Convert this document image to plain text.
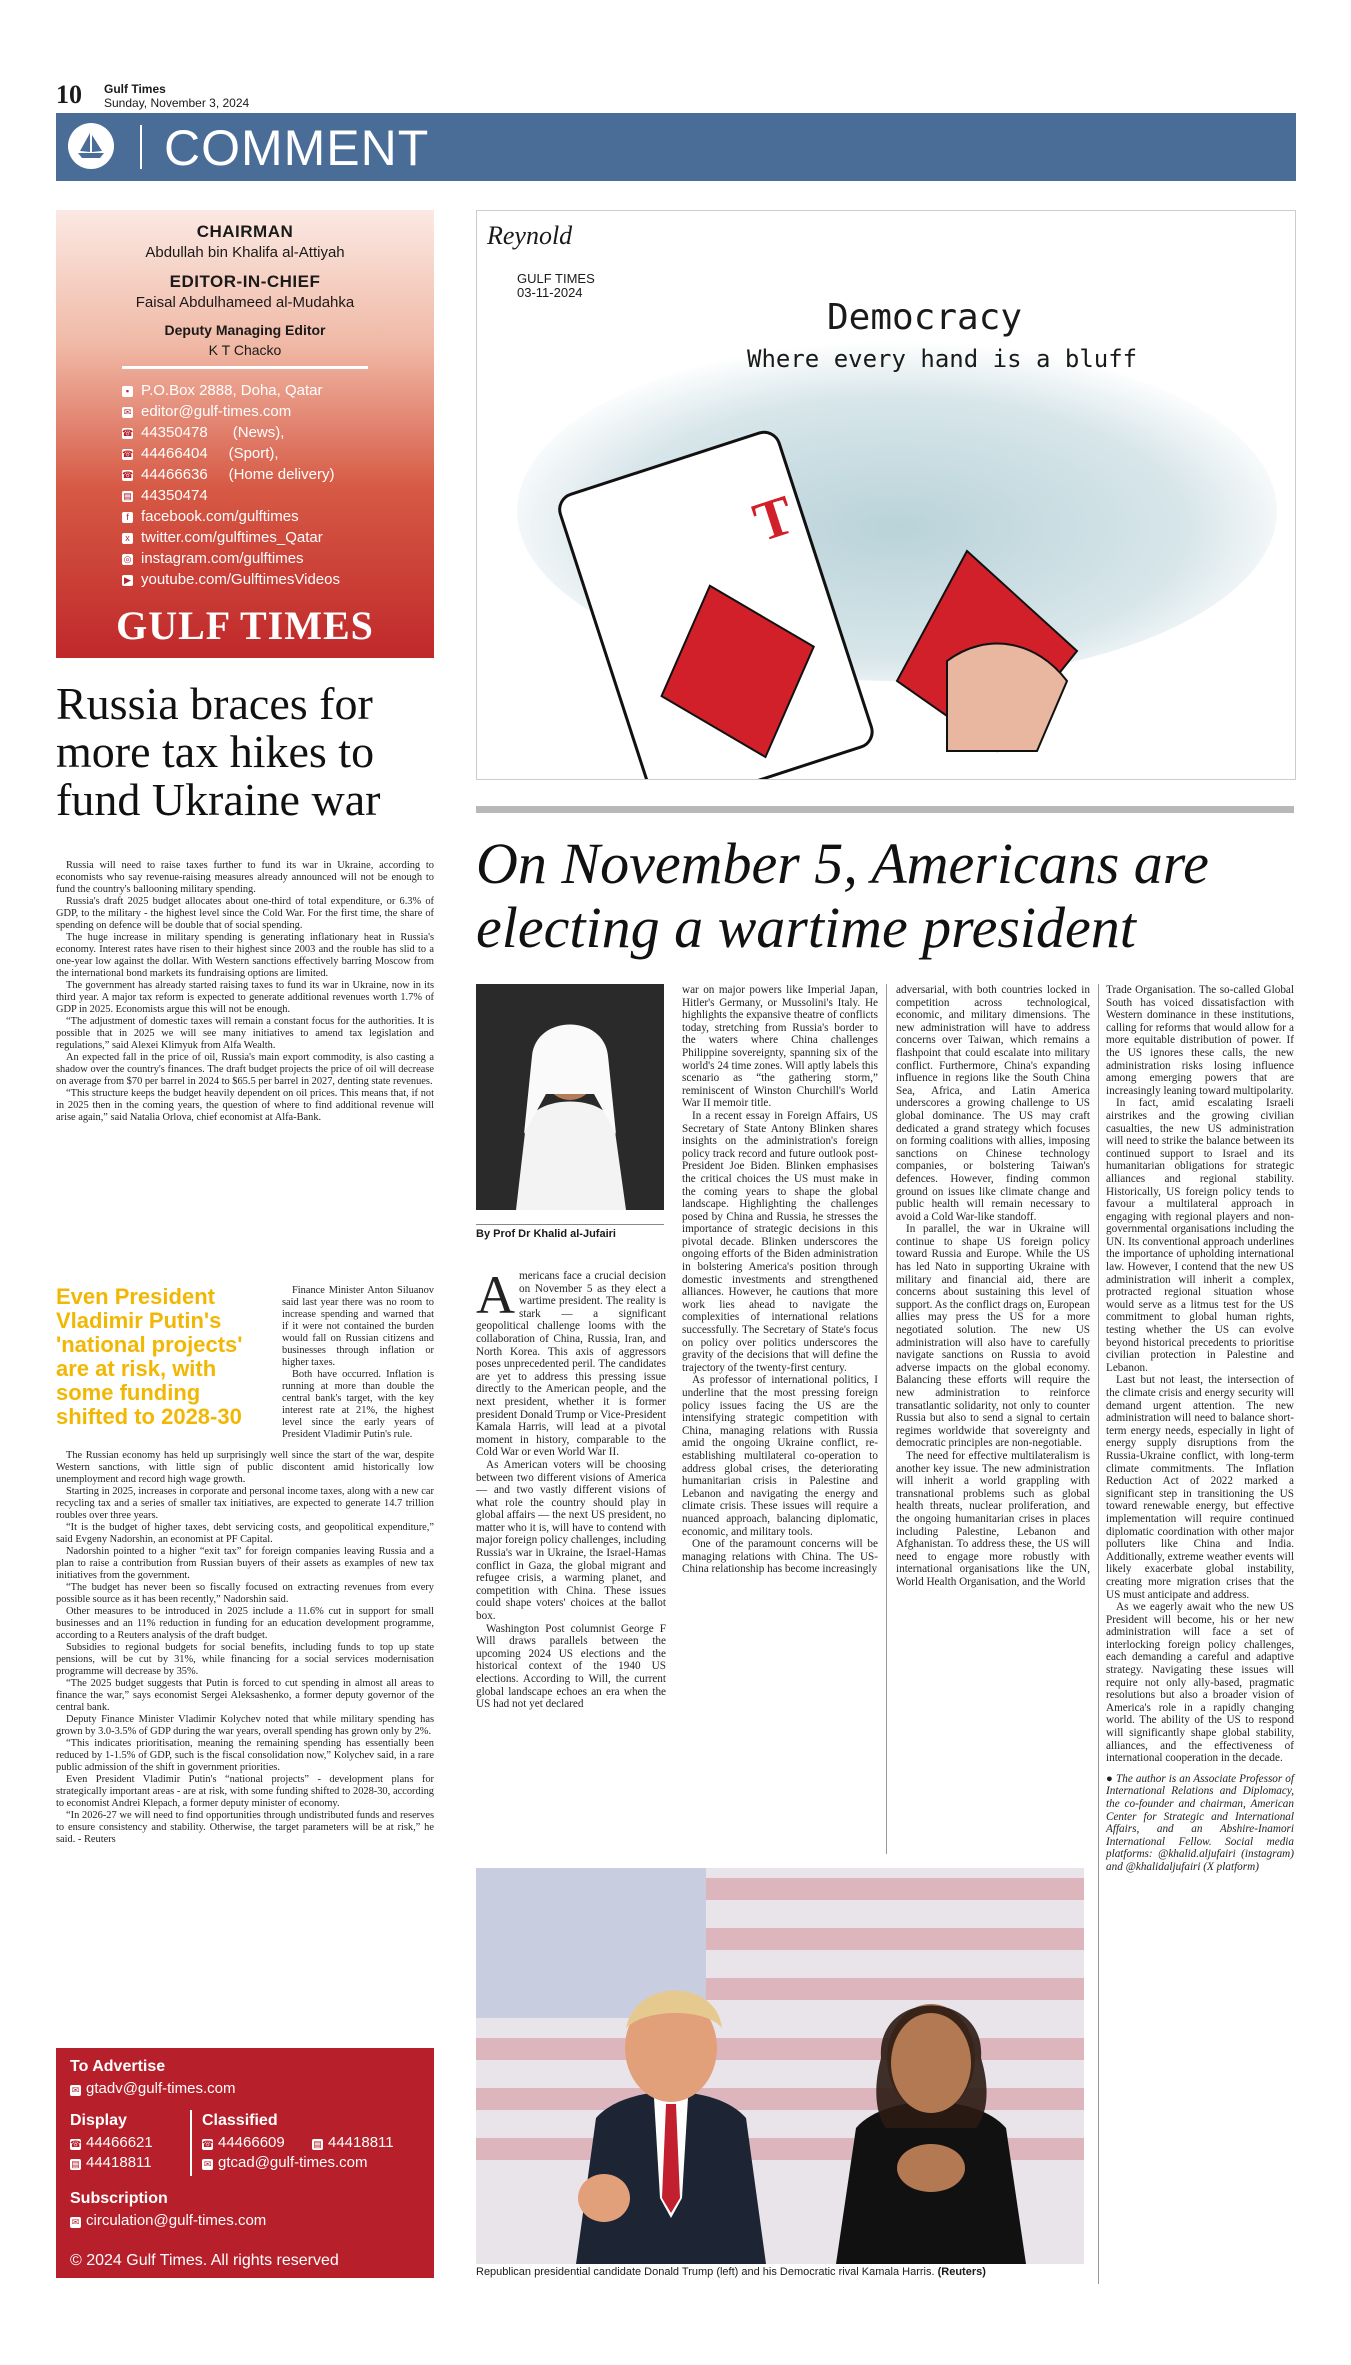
10 Gulf Times
Sunday, November 3, 2024
COMMENT
CHAIRMAN
Abdullah bin Khalifa al-Attiyah
EDITOR-IN-CHIEF
Faisal Abdulhameed al-Mudahka
Deputy Managing Editor
K T Chacko
▪ P.O.Box 2888, Doha, Qatar
✉ editor@gulf-times.com
☎ 44350478      (News),
☎ 44466404     (Sport),
☎ 44466636     (Home delivery)
▤ 44350474
f facebook.com/gulftimes
x twitter.com/gulftimes_Qatar
◎ instagram.com/gulftimes
▶ youtube.com/GulftimesVideos
GULF TIMES
Russia braces for more tax hikes to fund Ukraine war

Russia will need to raise taxes further to fund its war in Ukraine, according to economists who say revenue-raising measures already announced will not be enough to fund the country's ballooning military spending.

Russia's draft 2025 budget allocates about one-third of total expenditure, or 6.3% of GDP, to the military - the highest level since the Cold War. For the first time, the share of spending on defence will be double that of social spending.

The huge increase in military spending is generating inflationary heat in Russia's economy. Interest rates have risen to their highest since 2003 and the rouble has slid to a one-year low against the dollar. With Western sanctions effectively barring Moscow from the international bond markets its fundraising options are limited.

The government has already started raising taxes to fund its war in Ukraine, now in its third year. A major tax reform is expected to generate additional revenues worth 1.7% of GDP in 2025. Economists argue this will not be enough.

“The adjustment of domestic taxes will remain a constant focus for the authorities. It is possible that in 2025 we will see many initiatives to amend tax legislation and regulations,” said Alexei Klimyuk from Alfa Wealth.

An expected fall in the price of oil, Russia's main export commodity, is also casting a shadow over the country's finances. The draft budget projects the price of oil will decrease on average from $70 per barrel in 2024 to $65.5 per barrel in 2027, denting state revenues.

“This structure keeps the budget heavily dependent on oil prices. This means that, if not in 2025 then in the coming years, the question of where to find additional revenue will arise again,” said Natalia Orlova, chief economist at Alfa-Bank.

Even President Vladimir Putin's 'national projects' are at risk, with some funding shifted to 2028-30

Finance Minister Anton Siluanov said last year there was no room to increase spending and warned that if it were not contained the burden would fall on Russian citizens and businesses through inflation or higher taxes.

Both have occurred. Inflation is running at more than double the central bank's target, with the key interest rate at 21%, the highest level since the early years of President Vladimir Putin's rule.

The Russian economy has held up surprisingly well since the start of the war, despite Western sanctions, with little sign of public discontent amid historically low unemployment and record high wage growth.

Starting in 2025, increases in corporate and personal income taxes, along with a new car recycling tax and a series of smaller tax initiatives, are expected to generate 14.7 trillion roubles over three years.

“It is the budget of higher taxes, debt servicing costs, and geopolitical expenditure,” said Evgeny Nadorshin, an economist at PF Capital.

Nadorshin pointed to a higher “exit tax” for foreign companies leaving Russia and a plan to raise a contribution from Russian buyers of their assets as examples of new tax initiatives from the government.

“The budget has never been so fiscally focused on extracting revenues from every possible source as it has been recently,” Nadorshin said.

Other measures to be introduced in 2025 include a 11.6% cut in support for small businesses and an 11% reduction in funding for an education development programme, according to a Reuters analysis of the draft budget.

Subsidies to regional budgets for social benefits, including funds to top up state pensions, will be cut by 31%, while financing for a social services modernisation programme will decrease by 35%.

“The 2025 budget suggests that Putin is forced to cut spending in almost all areas to finance the war,” says economist Sergei Aleksashenko, a former deputy governor of the central bank.

Deputy Finance Minister Vladimir Kolychev noted that while military spending has grown by 3.0-3.5% of GDP during the war years, overall spending has grown only by 2%.

“This indicates prioritisation, meaning the remaining spending has essentially been reduced by 1-1.5% of GDP, such is the fiscal consolidation now,” Kolychev said, in a rare public admission of the shift in government priorities.

Even President Vladimir Putin's “national projects” - development plans for strategically important areas - are at risk, with some funding shifted to 2028-30, according to economist Andrei Klepach, a former deputy minister of economy.

“In 2026-27 we will need to find opportunities through undistributed funds and reserves to ensure consistency and stability. Otherwise, the target parameters will be at risk,” he said. - Reuters

To Advertise
✉ gtadv@gulf-times.com
Display
☎ 44466621
▤ 44418811
Classified
☎ 44466609	▤ 44418811
✉ gtcad@gulf-times.com
Subscription
✉ circulation@gulf-times.com
© 2024 Gulf Times. All rights reserved
Reynold
GULF TIMES
03-11-2024
Democracy
Where every hand is a bluff
T
On November 5, Americans are electing a wartime president
By Prof Dr Khalid al-Jufairi
A mericans face a crucial decision on November 5 as they elect a wartime president. The reality is stark — a significant geopolitical challenge looms with the collaboration of China, Russia, Iran, and North Korea. This axis of aggressors poses unprecedented peril. The candidates are yet to address this pressing issue directly to the American people, and the next president, whether it is former president Donald Trump or Vice-President Kamala Harris, will lead at a pivotal moment in history, comparable to the Cold War or even World War II.

As American voters will be choosing between two different visions of America — and two vastly different visions of what role the country should play in global affairs — the next US president, no matter who it is, will have to contend with major foreign policy challenges, including Russia's war in Ukraine, the Israel-Hamas conflict in Gaza, the global migrant and refugee crisis, a warming planet, and competition with China. These issues could shape voters' choices at the ballot box.

Washington Post columnist George F Will draws parallels between the upcoming 2024 US elections and the historical context of the 1940 US elections. According to Will, the current global landscape echoes an era when the US had not yet declared

war on major powers like Imperial Japan, Hitler's Germany, or Mussolini's Italy. He highlights the expansive theatre of conflicts today, stretching from Russia's border to the waters where China challenges Philippine sovereignty, spanning six of the world's 24 time zones. Will aptly labels this scenario as “the gathering storm,” reminiscent of Winston Churchill's World War II memoir title.

In a recent essay in Foreign Affairs, US Secretary of State Antony Blinken shares insights on the administration's foreign policy track record and future outlook post-President Joe Biden. Blinken emphasises the critical choices the US must make in the coming years to shape the global landscape. Highlighting the challenges posed by China and Russia, he stresses the importance of strategic decisions in this pivotal decade. Blinken underscores the ongoing efforts of the Biden administration in bolstering America's position through domestic investments and strengthened alliances. However, he cautions that more work lies ahead to navigate the complexities of international relations successfully. The Secretary of State's focus on policy over politics underscores the gravity of the decisions that will define the trajectory of the twenty-first century.

As professor of international politics, I underline that the most pressing foreign policy issues facing the US are the intensifying strategic competition with China, managing relations with Russia amid the ongoing Ukraine conflict, re-establishing multilateral co-operation to address global crises, the deteriorating humanitarian crisis in Palestine and Lebanon and navigating the energy and climate crisis. These issues will require a nuanced approach, balancing diplomatic, economic, and military tools.

One of the paramount concerns will be managing relations with China. The US-China relationship has become increasingly

adversarial, with both countries locked in competition across technological, economic, and military dimensions. The new administration will have to address concerns over Taiwan, which remains a flashpoint that could escalate into military conflict. Furthermore, China's expanding influence in regions like the South China Sea, Africa, and Latin America underscores a growing challenge to US global dominance. The US may craft dedicated a grand strategy which focuses on forming coalitions with allies, imposing sanctions on Chinese technology companies, or bolstering Taiwan's defences. However, finding common ground on issues like climate change and public health will remain necessary to avoid a Cold War-like standoff.

In parallel, the war in Ukraine will continue to shape US foreign policy toward Russia and Europe. While the US has led Nato in supporting Ukraine with military and financial aid, there are concerns about sustaining this level of support. As the conflict drags on, European allies may press the US for a more negotiated solution. The new US administration will also have to carefully navigate sanctions on Russia to avoid adverse impacts on the global economy. Balancing these efforts will require the new administration to reinforce transatlantic solidarity, not only to counter Russia but also to send a signal to certain regimes worldwide that sovereignty and democratic principles are non-negotiable.

The need for effective multilateralism is another key issue. The new administration will inherit a world grappling with transnational problems such as global health threats, nuclear proliferation, and the ongoing humanitarian crises in places including Palestine, Lebanon and Afghanistan. To address these, the US will need to engage more robustly with international organisations like the UN, World Health Organisation, and the World

Trade Organisation. The so-called Global South has voiced dissatisfaction with Western dominance in these institutions, calling for reforms that would allow for a more equitable distribution of power. If the US ignores these calls, the new administration risks losing influence among emerging powers that are increasingly leaning toward multipolarity.

In fact, amid escalating Israeli airstrikes and the growing civilian casualties, the new US administration will need to strike the balance between its continued support to Israel and its humanitarian obligations for strategic alliances and regional stability. Historically, US foreign policy tends to favour a multilateral approach in engaging with regional players and non-governmental organisations including the UN. Its conventional approach underlines the importance of upholding international law. However, I contend that the new US administration will inherit a complex, protracted regional situation whose would serve as a litmus test for the US commitment to global human rights, testing whether the US can evolve beyond historical precedents to prioritise civilian protection in Palestine and Lebanon.

Last but not least, the intersection of the climate crisis and energy security will demand urgent attention. The new administration will need to balance short-term energy needs, especially in light of energy supply disruptions from the Russia-Ukraine conflict, with long-term climate commitments. The Inflation Reduction Act of 2022 marked a significant step in transitioning the US toward renewable energy, but effective implementation will require continued diplomatic coordination with other major polluters like China and India. Additionally, extreme weather events will likely exacerbate global instability, creating more migration crises that the US must anticipate and address.

As we eagerly await who the new US President will become, his or her new administration will face a set of interlocking foreign policy challenges, each demanding a careful and adaptive strategy. Navigating these issues will require not only ally-based, pragmatic resolutions but also a broader vision of America's role in a rapidly changing world. The ability of the US to respond will significantly shape global stability, alliances, and the effectiveness of international cooperation in the decade.

● The author is an Associate Professor of International Relations and Diplomacy, the co-founder and chairman, American Center for Strategic and International Affairs, and an Abshire-Inamori International Fellow. Social media platforms: @khalid.aljufairi (instagram) and @khalidaljufairi (X platform)

Republican presidential candidate Donald Trump (left) and his Democratic rival Kamala Harris. (Reuters)
